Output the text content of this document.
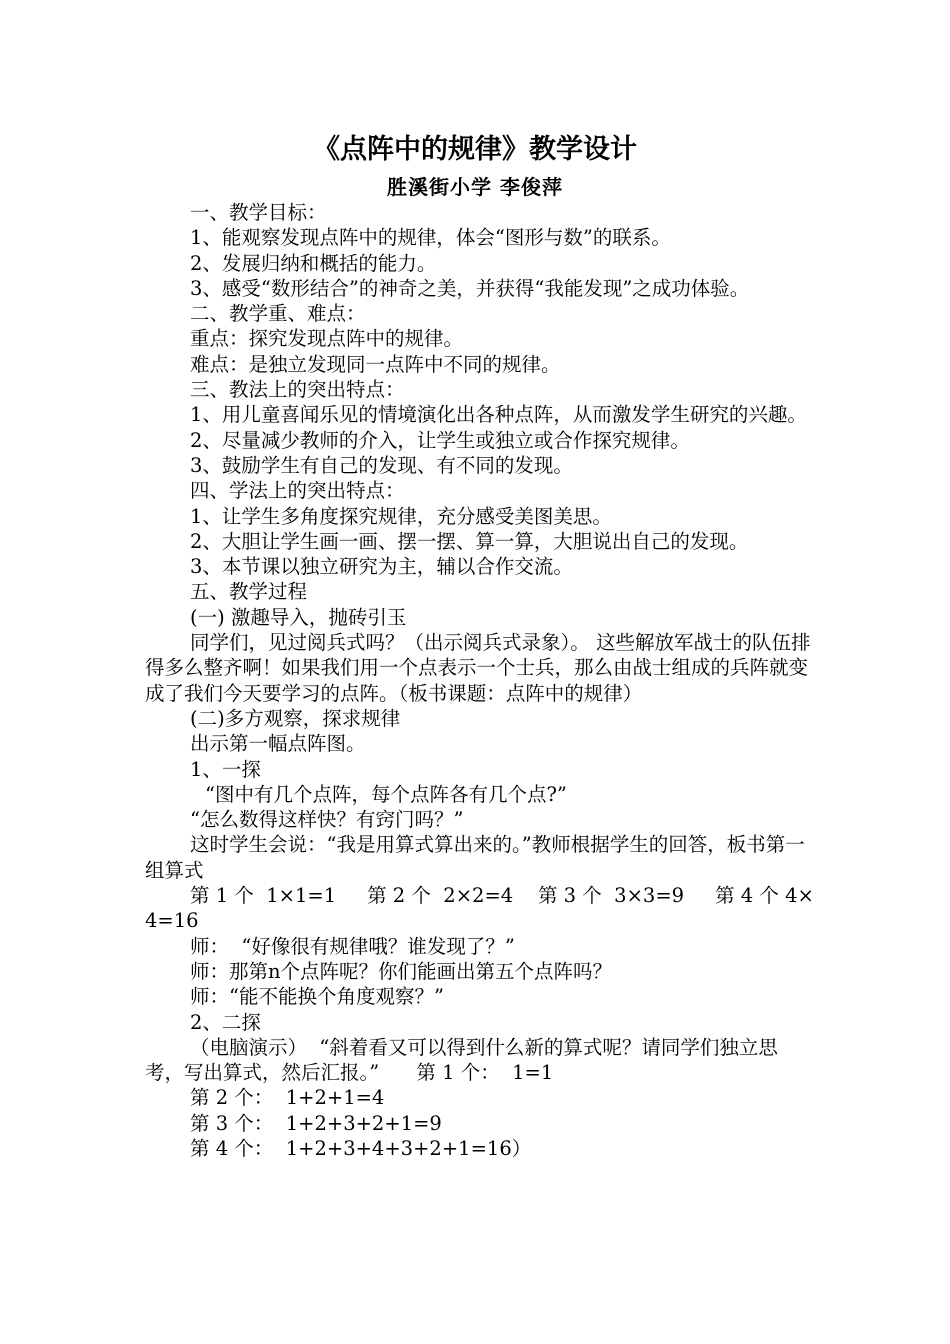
《点阵中的规律》教学设计
胜溪街小学 李俊萍

一、教学目标：

1、能观察发现点阵中的规律，体会“图形与数”的联系。

2、发展归纳和概括的能力。

3、感受“数形结合”的神奇之美，并获得“我能发现”之成功体验。

二、教学重、难点：

重点：探究发现点阵中的规律。

难点：是独立发现同一点阵中不同的规律。

三、教法上的突出特点：

1、用儿童喜闻乐见的情境演化出各种点阵，从而激发学生研究的兴趣。

2、尽量减少教师的介入，让学生或独立或合作探究规律。

3、鼓励学生有自己的发现、有不同的发现。

四、学法上的突出特点：

1、让学生多角度探究规律，充分感受美图美思。

2、大胆让学生画一画、摆一摆、算一算，大胆说出自己的发现。

3、本节课以独立研究为主，辅以合作交流。

五、教学过程

(一) 激趣导入，抛砖引玉

同学们，见过阅兵式吗？（出示阅兵式录象）。 这些解放军战士的队伍排得多么整齐啊！如果我们用一个点表示一个士兵，那么由战士组成的兵阵就变成了我们今天要学习的点阵。（板书课题：点阵中的规律）

(二)多方观察，探求规律

出示第一幅点阵图。

1、一探

“图中有几个点阵，每个点阵各有几个点?”

“怎么数得这样快？有窍门吗？”

这时学生会说：“我是用算式算出来的。”教师根据学生的回答，板书第一组算式

第 1 个  1×1=1     第 2 个  2×2=4    第 3 个  3×3=9     第 4 个 4×4=16

师：  “好像很有规律哦？谁发现了？”

师：那第n个点阵呢？你们能画出第五个点阵吗？

师：“能不能换个角度观察？”

2、二探

（电脑演示）  “斜着看又可以得到什么新的算式呢？请同学们独立思考，写出算式，然后汇报。”      第 1 个：  1=1

第 2 个：  1+2+1=4

第 3 个：  1+2+3+2+1=9

第 4 个：  1+2+3+4+3+2+1=16）
